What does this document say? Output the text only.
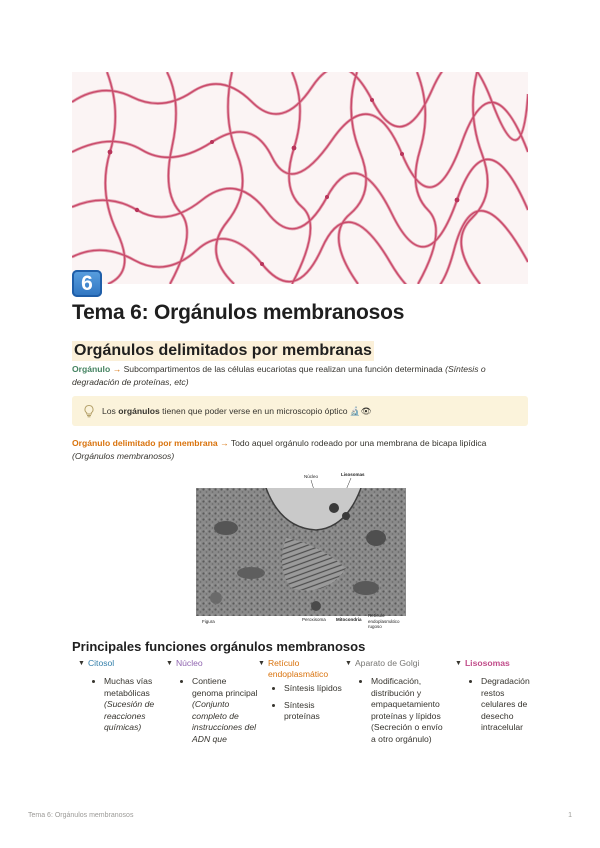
6
Tema 6: Orgánulos membranosos
Orgánulos delimitados por membranas
Orgánulo → Subcompartimentos de las células eucariotas que realizan una función determinada (Síntesis o degradación de proteínas, etc)
Los orgánulos tienen que poder verse en un microscopio óptico 🔬👁
Orgánulo delimitado por membrana → Todo aquel orgánulo rodeado por una membrana de bicapa lipídica (Orgánulos membranosos)
Núcleo	Lisosomas
Figura	Peroxisoma Mitocondria
Retículo endoplasmático rugoso
Principales funciones orgánulos membranosos
▼ Citosol
• Muchas vías metabólicas (Sucesión de reacciones químicas)
▼ Núcleo
• Contiene genoma principal (Conjunto completo de instrucciones del ADN que
▼ Retículo endoplasmático
• Síntesis lípidos
• Síntesis proteínas
▼ Aparato de Golgi
• Modificación, distribución y empaquetamiento proteínas y lípidos (Secreción o envío a otro orgánulo)
▼ Lisosomas
• Degradación restos celulares de desecho intracelular
Tema 6: Orgánulos membranosos	1
